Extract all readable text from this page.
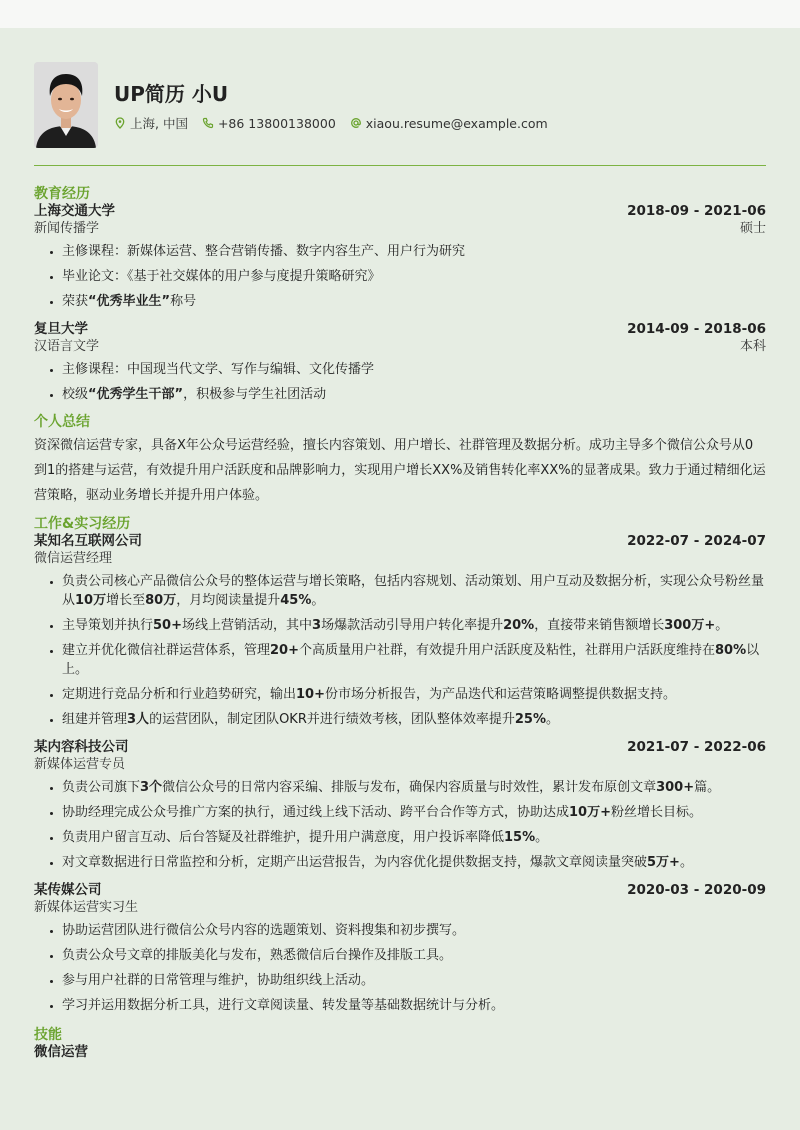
UP简历 小U
上海, 中国
+86 13800138000
xiaou.resume@example.com
教育经历
上海交通大学	2018-09 - 2021-06
新闻传播学	硕士
• 主修课程：新媒体运营、整合营销传播、数字内容生产、用户行为研究
• 毕业论文：《基于社交媒体的用户参与度提升策略研究》
• 荣获“优秀毕业生”称号
复旦大学	2014-09 - 2018-06
汉语言文学	本科
• 主修课程：中国现当代文学、写作与编辑、文化传播学
• 校级“优秀学生干部”，积极参与学生社团活动
个人总结
资深微信运营专家，具备X年公众号运营经验，擅长内容策划、用户增长、社群管理及数据分析。成功主导多个微信公众号从0到1的搭建与运营，有效提升用户活跃度和品牌影响力，实现用户增长XX%及销售转化率XX%的显著成果。致力于通过精细化运营策略，驱动业务增长并提升用户体验。
工作&实习经历
某知名互联网公司	2022-07 - 2024-07
微信运营经理
• 负责公司核心产品微信公众号的整体运营与增长策略，包括内容规划、活动策划、用户互动及数据分析，实现公众号粉丝量从10万增长至80万，月均阅读量提升45%。
• 主导策划并执行50+场线上营销活动，其中3场爆款活动引导用户转化率提升20%，直接带来销售额增长300万+。
• 建立并优化微信社群运营体系，管理20+个高质量用户社群，有效提升用户活跃度及粘性，社群用户活跃度维持在80%以上。
• 定期进行竞品分析和行业趋势研究，输出10+份市场分析报告，为产品迭代和运营策略调整提供数据支持。
• 组建并管理3人的运营团队，制定团队OKR并进行绩效考核，团队整体效率提升25%。
某内容科技公司	2021-07 - 2022-06
新媒体运营专员
• 负责公司旗下3个微信公众号的日常内容采编、排版与发布，确保内容质量与时效性，累计发布原创文章300+篇。
• 协助经理完成公众号推广方案的执行，通过线上线下活动、跨平台合作等方式，协助达成10万+粉丝增长目标。
• 负责用户留言互动、后台答疑及社群维护，提升用户满意度，用户投诉率降低15%。
• 对文章数据进行日常监控和分析，定期产出运营报告，为内容优化提供数据支持，爆款文章阅读量突破5万+。
某传媒公司	2020-03 - 2020-09
新媒体运营实习生
• 协助运营团队进行微信公众号内容的选题策划、资料搜集和初步撰写。
• 负责公众号文章的排版美化与发布，熟悉微信后台操作及排版工具。
• 参与用户社群的日常管理与维护，协助组织线上活动。
• 学习并运用数据分析工具，进行文章阅读量、转发量等基础数据统计与分析。
技能
微信运营
